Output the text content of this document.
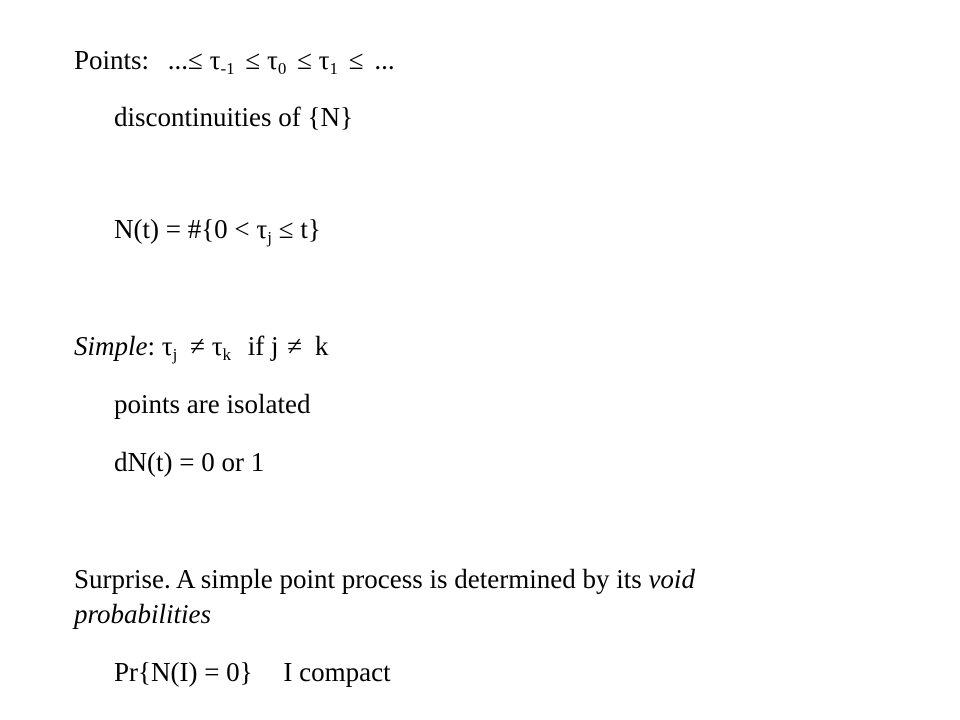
Points: ...≤ $\tau_{-1} \le \tau_0 \le \tau_1$ ≤ ...
discontinuities of {N}
N(t) = #{0 < $\tau_j \le t$}
Simple: $\tau_j \ne \tau_k$ if j ≠ k
points are isolated
dN(t) = 0 or 1
Surprise. A simple point process is determined by its void
probabilities
Pr{N(I) = 0} I compact
